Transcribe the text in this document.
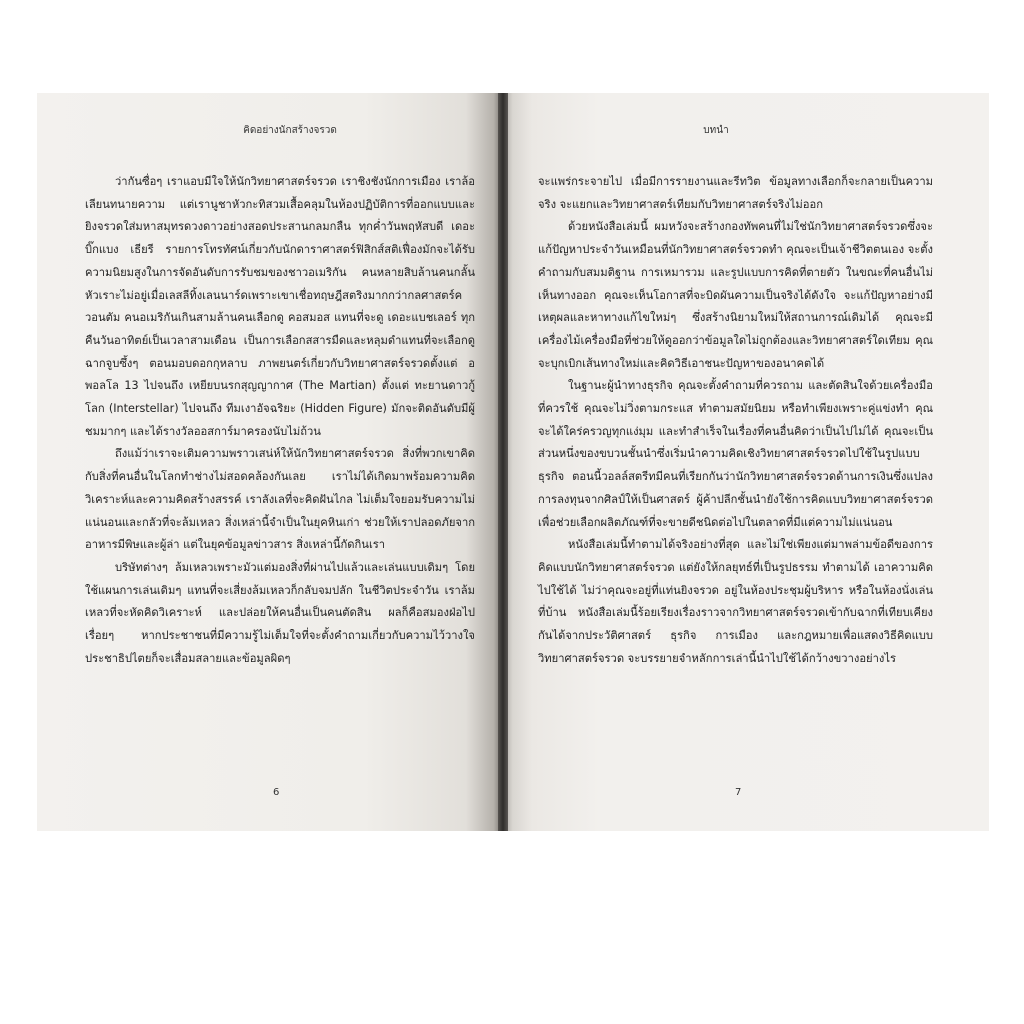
คิดอย่างนักสร้างจรวด

ว่ากันซื่อๆ เราแอบมีใจให้นักวิทยาศาสตร์จรวด เราชิงชังนักการเมือง เราล้อเลียนทนายความ แต่เรานูชาหัวกะทิสวมเสื้อคลุมในห้องปฏิบัติการที่ออกแบบและยิงจรวดใส่มหาสมุทรดวงดาวอย่างสอดประสานกลมกลืน ทุกค่ำวันพฤหัสบดี เดอะบิ๊กแบง เธียรี รายการโทรทัศน์เกี่ยวกับนักดาราศาสตร์ฟิสิกส์สติเฟื่องมักจะได้รับความนิยมสูงในการจัดอันดับการรับชมของชาวอเมริกัน คนหลายสิบล้านคนกลั้นหัวเราะไม่อยู่เมื่อเลสลีทิ้งเลนนาร์ดเพราะเขาเชื่อทฤษฎีสตริงมากกว่ากลศาสตร์ควอนตัม คนอเมริกันเกินสามล้านคนเลือกดู คอสมอส แทนที่จะดู เดอะแบชเลอร์ ทุกคืนวันอาทิตย์เป็นเวลาสามเดือน เป็นการเลือกสสารมืดและหลุมดำแทนที่จะเลือกดูฉากจูบซึ้งๆ ตอนมอบดอกกุหลาบ ภาพยนตร์เกี่ยวกับวิทยาศาสตร์จรวดตั้งแต่ อพอลโล 13 ไปจนถึง เหยียบนรกสุญญากาศ (The Martian) ตั้งแต่ ทะยานดาวกู้โลก (Interstellar) ไปจนถึง ทีมเงาอัจฉริยะ (Hidden Figure) มักจะติดอันดับมีผู้ชมมากๆ และได้รางวัลออสการ์มาครองนับไม่ถ้วน

ถึงแม้ว่าเราจะเติมความพราวเสน่ห์ให้นักวิทยาศาสตร์จรวด สิ่งที่พวกเขาคิดกับสิ่งที่คนอื่นในโลกทำช่างไม่สอดคล้องกันเลย เราไม่ได้เกิดมาพร้อมความคิดวิเคราะห์และความคิดสร้างสรรค์ เราลังเลที่จะคิดฝันไกล ไม่เต็มใจยอมรับความไม่แน่นอนและกลัวที่จะล้มเหลว สิ่งเหล่านี้จำเป็นในยุคหินเก่า ช่วยให้เราปลอดภัยจากอาหารมีพิษและผู้ล่า แต่ในยุคข้อมูลข่าวสาร สิ่งเหล่านี้กัดกินเรา

บริษัทต่างๆ ล้มเหลวเพราะมัวแต่มองสิ่งที่ผ่านไปแล้วและเล่นแบบเดิมๆ โดยใช้แผนการเล่นเดิมๆ แทนที่จะเสี่ยงล้มเหลวก็กลับจมปลัก ในชีวิตประจำวัน เราล้มเหลวที่จะหัดคิดวิเคราะห์ และปล่อยให้คนอื่นเป็นคนตัดสิน ผลก็คือสมองฝ่อไปเรื่อยๆ หากประชาชนที่มีความรู้ไม่เต็มใจที่จะตั้งคำถามเกี่ยวกับความไว้วางใจ ประชาธิปไตยก็จะเสื่อมสลายและข้อมูลผิดๆ

6
บทนำ

จะแพร่กระจายไป เมื่อมีการรายงานและรีทวิต ข้อมูลทางเลือกก็จะกลายเป็นความจริง จะแยกและวิทยาศาสตร์เทียมกับวิทยาศาสตร์จริงไม่ออก

ด้วยหนังสือเล่มนี้ ผมหวังจะสร้างกองทัพคนที่ไม่ใช่นักวิทยาศาสตร์จรวดซึ่งจะแก้ปัญหาประจำวันเหมือนที่นักวิทยาศาสตร์จรวดทำ คุณจะเป็นเจ้าชีวิตตนเอง จะตั้งคำถามกับสมมติฐาน การเหมารวม และรูปแบบการคิดที่ตายตัว ในขณะที่คนอื่นไม่เห็นทางออก คุณจะเห็นโอกาสที่จะบิดผันความเป็นจริงได้ดังใจ จะแก้ปัญหาอย่างมีเหตุผลและหาทางแก้ไขใหม่ๆ ซึ่งสร้างนิยามใหม่ให้สถานการณ์เดิมได้ คุณจะมีเครื่องไม้เครื่องมือที่ช่วยให้ดูออกว่าข้อมูลใดไม่ถูกต้องและวิทยาศาสตร์ใดเทียม คุณจะบุกเบิกเส้นทางใหม่และคิดวิธีเอาชนะปัญหาของอนาคตได้

ในฐานะผู้นำทางธุรกิจ คุณจะตั้งคำถามที่ควรถาม และตัดสินใจด้วยเครื่องมือที่ควรใช้ คุณจะไม่วิ่งตามกระแส ทำตามสมัยนิยม หรือทำเพียงเพราะคู่แข่งทำ คุณจะได้ใคร่ครวญทุกแง่มุม และทำสำเร็จในเรื่องที่คนอื่นคิดว่าเป็นไปไม่ได้ คุณจะเป็นส่วนหนึ่งของขบวนชั้นนำซึ่งเริ่มนำความคิดเชิงวิทยาศาสตร์จรวดไปใช้ในรูปแบบธุรกิจ ตอนนี้วอลล์สตรีทมีคนที่เรียกกันว่านักวิทยาศาสตร์จรวดด้านการเงินซึ่งแปลงการลงทุนจากศิลป์ให้เป็นศาสตร์ ผู้ค้าปลีกชั้นนำยังใช้การคิดแบบวิทยาศาสตร์จรวดเพื่อช่วยเลือกผลิตภัณฑ์ที่จะขายดีชนิดต่อไปในตลาดที่มีแต่ความไม่แน่นอน

หนังสือเล่มนี้ทำตามได้จริงอย่างที่สุด และไม่ใช่เพียงแต่มาพล่ามข้อดีของการคิดแบบนักวิทยาศาสตร์จรวด แต่ยังให้กลยุทธ์ที่เป็นรูปธรรม ทำตามได้ เอาความคิดไปใช้ได้ ไม่ว่าคุณจะอยู่ที่แท่นยิงจรวด อยู่ในห้องประชุมผู้บริหาร หรือในห้องนั่งเล่นที่บ้าน หนังสือเล่มนี้ร้อยเรียงเรื่องราวจากวิทยาศาสตร์จรวดเข้ากับฉากที่เทียบเคียงกันได้จากประวัติศาสตร์ ธุรกิจ การเมือง และกฎหมายเพื่อแสดงวิธีคิดแบบวิทยาศาสตร์จรวด จะบรรยายจำหลักการเล่านี้นำไปใช้ได้กว้างขวางอย่างไร

7
